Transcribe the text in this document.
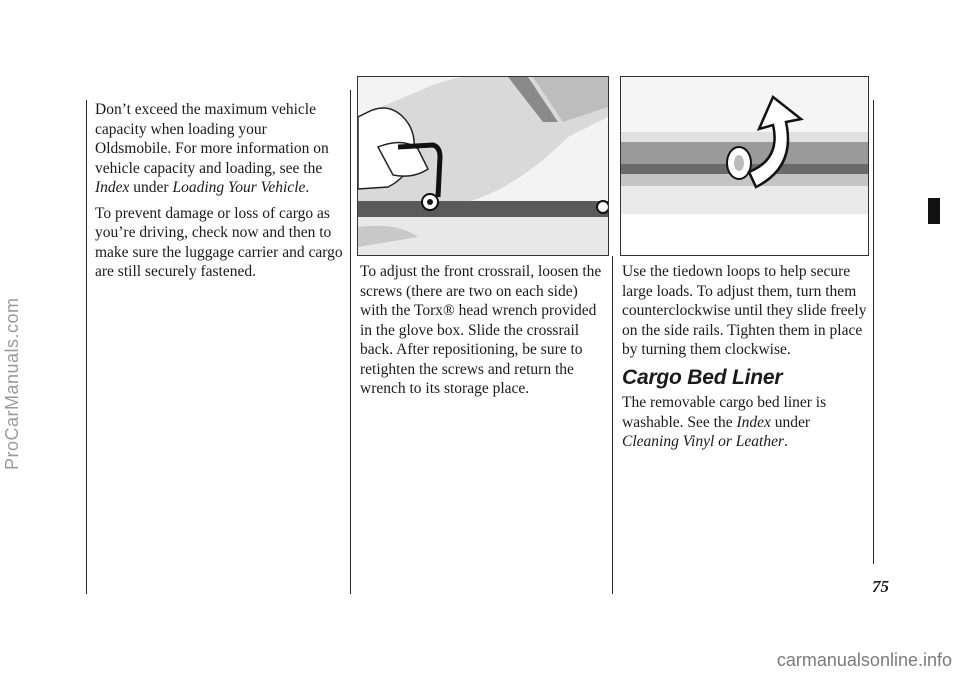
Don’t exceed the maximum vehicle capacity when loading your Oldsmobile. For more information on vehicle capacity and loading, see the Index under Loading Your Vehicle.

To prevent damage or loss of cargo as you’re driving, check now and then to make sure the luggage carrier and cargo are still securely fastened.	To adjust the front crossrail, loosen the screws (there are two on each side) with the Torx® head wrench provided in the glove box. Slide the crossrail back. After repositioning, be sure to retighten the screws and return the wrench to its storage place.

Use the tiedown loops to help secure large loads. To adjust them, turn them counterclockwise until they slide freely on the side rails. Tighten them in place by turning them clockwise.

Cargo Bed Liner

The removable cargo bed liner is washable. See the Index under Cleaning Vinyl or Leather.

75
ProCarManuals.com
carmanualsonline.info
